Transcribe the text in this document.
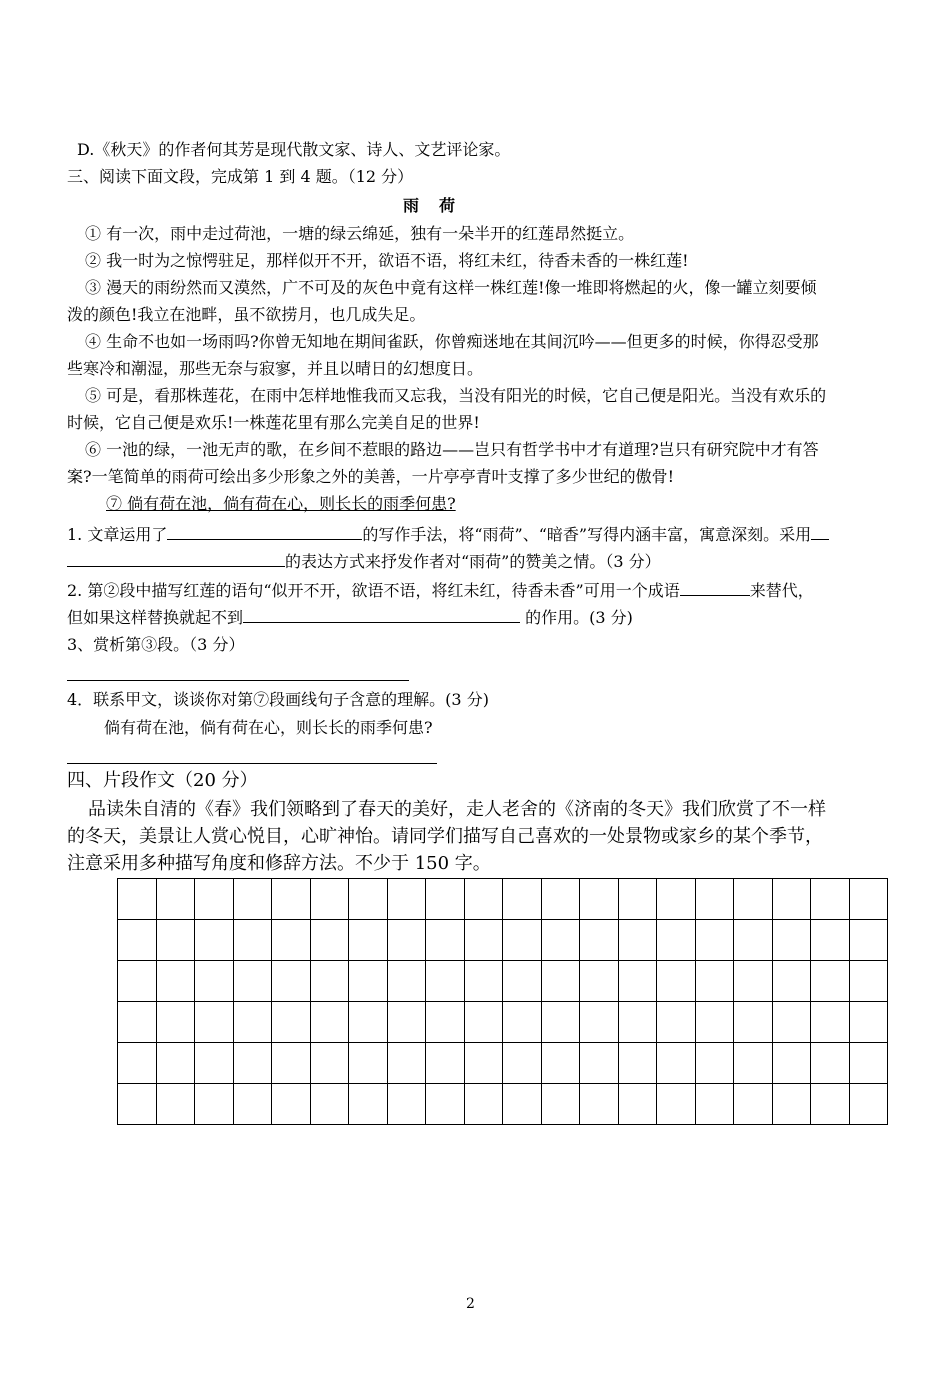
D.《秋天》的作者何其芳是现代散文家、诗人、文艺评论家。
三、阅读下面文段，完成第 1 到 4 题。（12 分）
雨　荷
① 有一次，雨中走过荷池，一塘的绿云绵延，独有一朵半开的红莲昂然挺立。
② 我一时为之惊愕驻足，那样似开不开，欲语不语，将红未红，待香未香的一株红莲!
③ 漫天的雨纷然而又漠然，广不可及的灰色中竟有这样一株红莲!像一堆即将燃起的火，像一罐立刻要倾
泼的颜色!我立在池畔，虽不欲捞月，也几成失足。
④ 生命不也如一场雨吗?你曾无知地在期间雀跃，你曾痴迷地在其间沉吟——但更多的时候，你得忍受那
些寒冷和潮湿，那些无奈与寂寥，并且以晴日的幻想度日。
⑤ 可是，看那株莲花，在雨中怎样地惟我而又忘我，当没有阳光的时候，它自己便是阳光。当没有欢乐的
时候，它自己便是欢乐!一株莲花里有那么完美自足的世界!
⑥ 一池的绿，一池无声的歌，在乡间不惹眼的路边——岂只有哲学书中才有道理?岂只有研究院中才有答
案?一笔简单的雨荷可绘出多少形象之外的美善，一片亭亭青叶支撑了多少世纪的傲骨!
⑦ 倘有荷在池，倘有荷在心，则长长的雨季何患?
1. 文章运用了	的写作手法，将“雨荷”、“暗香”写得内涵丰富，寓意深刻。采用
的表达方式来抒发作者对“雨荷”的赞美之情。（3 分）
2. 第②段中描写红莲的语句“似开不开，欲语不语，将红未红，待香未香”可用一个成语	来替代，
但如果这样替换就起不到	的作用。(3 分)
3、赏析第③段。（3 分）
4．联系甲文，谈谈你对第⑦段画线句子含意的理解。(3 分)
倘有荷在池，倘有荷在心，则长长的雨季何患?
四、片段作文（20 分）
品读朱自清的《春》我们领略到了春天的美好，走人老舍的《济南的冬天》我们欣赏了不一样
的冬天，美景让人赏心悦目，心旷神怡。请同学们描写自己喜欢的一处景物或家乡的某个季节，
注意采用多种描写角度和修辞方法。不少于 150 字。

2
